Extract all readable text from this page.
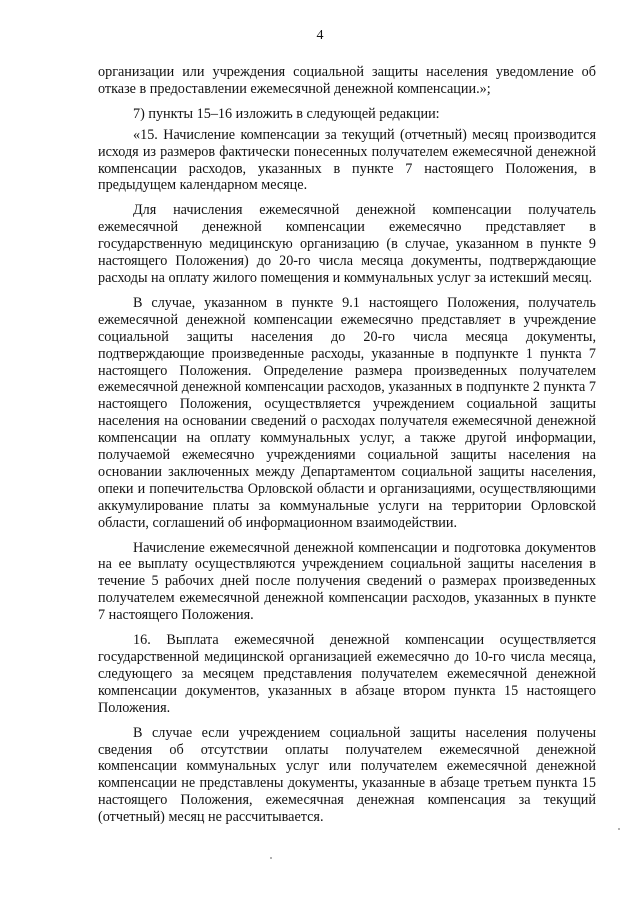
4

организации или учреждения социальной защиты населения уведомление об отказе в предоставлении ежемесячной денежной компенсации.»;

7) пункты 15–16 изложить в следующей редакции:

«15. Начисление компенсации за текущий (отчетный) месяц производится исходя из размеров фактически понесенных получателем ежемесячной денежной компенсации расходов, указанных в пункте 7 настоящего Положения, в предыдущем календарном месяце.

Для начисления ежемесячной денежной компенсации получатель ежемесячной денежной компенсации ежемесячно представляет в государственную медицинскую организацию (в случае, указанном в пункте 9 настоящего Положения) до 20-го числа месяца документы, подтверждающие расходы на оплату жилого помещения и коммунальных услуг за истекший месяц.

В случае, указанном в пункте 9.1 настоящего Положения, получатель ежемесячной денежной компенсации ежемесячно представляет в учреждение социальной защиты населения до 20-го числа месяца документы, подтверждающие произведенные расходы, указанные в подпункте 1 пункта 7 настоящего Положения. Определение размера произведенных получателем ежемесячной денежной компенсации расходов, указанных в подпункте 2 пункта 7 настоящего Положения, осуществляется учреждением социальной защиты населения на основании сведений о расходах получателя ежемесячной денежной компенсации на оплату коммунальных услуг, а также другой информации, получаемой ежемесячно учреждениями социальной защиты населения на основании заключенных между Департаментом социальной защиты населения, опеки и попечительства Орловской области и организациями, осуществляющими аккумулирование платы за коммунальные услуги на территории Орловской области, соглашений об информационном взаимодействии.

Начисление ежемесячной денежной компенсации и подготовка документов на ее выплату осуществляются учреждением социальной защиты населения в течение 5 рабочих дней после получения сведений о размерах произведенных получателем ежемесячной денежной компенсации расходов, указанных в пункте 7 настоящего Положения.

16. Выплата ежемесячной денежной компенсации осуществляется государственной медицинской организацией ежемесячно до 10-го числа месяца, следующего за месяцем представления получателем ежемесячной денежной компенсации документов, указанных в абзаце втором пункта 15 настоящего Положения.

В случае если учреждением социальной защиты населения получены сведения об отсутствии оплаты получателем ежемесячной денежной компенсации коммунальных услуг или получателем ежемесячной денежной компенсации не представлены документы, указанные в абзаце третьем пункта 15 настоящего Положения, ежемесячная денежная компенсация за текущий (отчетный) месяц не рассчитывается.
